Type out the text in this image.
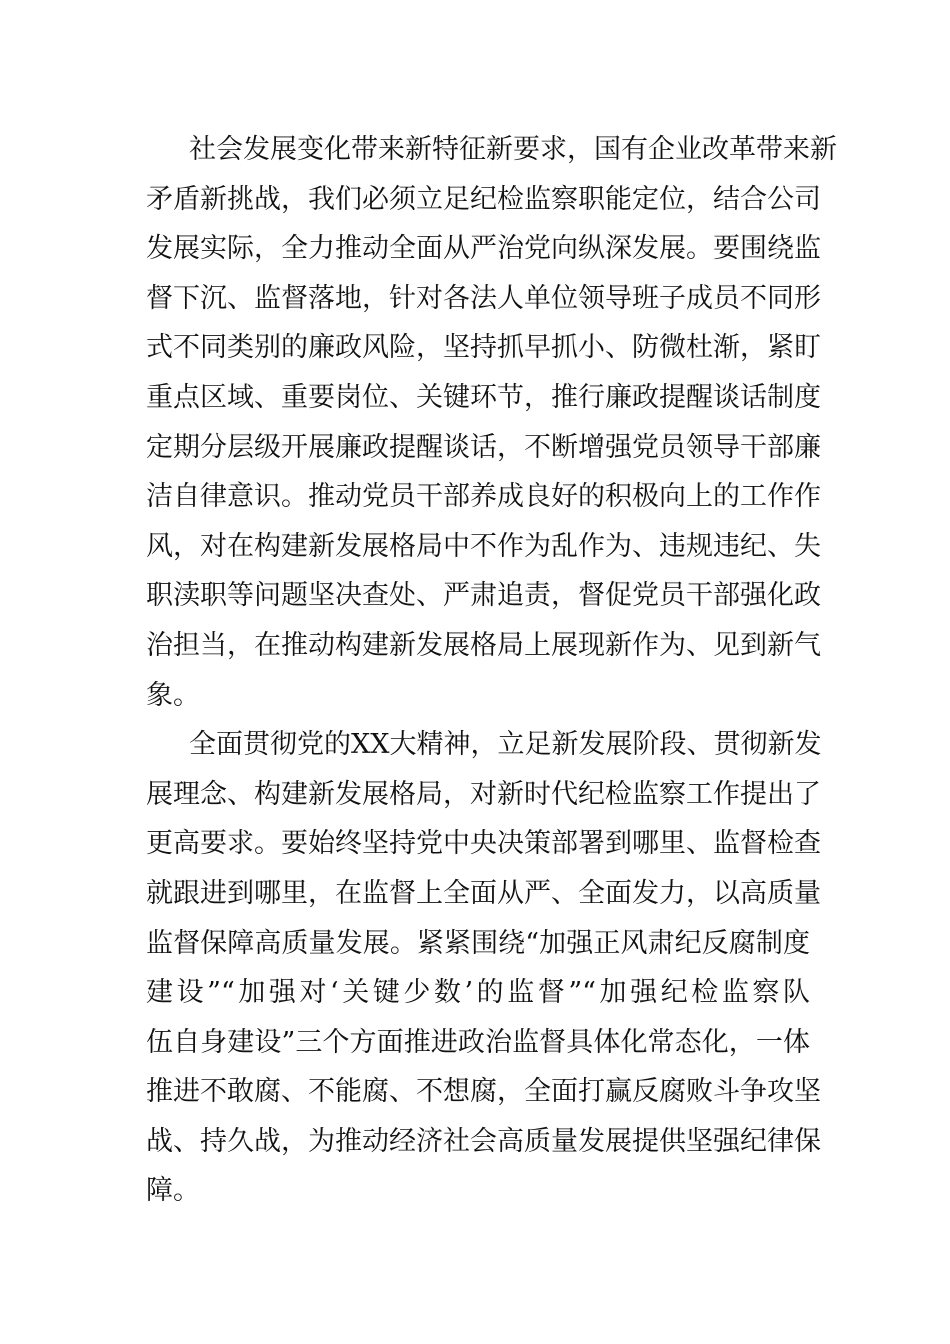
社会发展变化带来新特征新要求，国有企业改革带来新
矛盾新挑战，我们必须立足纪检监察职能定位，结合公司
发展实际，全力推动全面从严治党向纵深发展。要围绕监
督下沉、监督落地，针对各法人单位领导班子成员不同形
式不同类别的廉政风险，坚持抓早抓小、防微杜渐，紧盯
重点区域、重要岗位、关键环节，推行廉政提醒谈话制度
定期分层级开展廉政提醒谈话，不断增强党员领导干部廉
洁自律意识。推动党员干部养成良好的积极向上的工作作
风，对在构建新发展格局中不作为乱作为、违规违纪、失
职渎职等问题坚决查处、严肃追责，督促党员干部强化政
治担当，在推动构建新发展格局上展现新作为、见到新气
象。
全面贯彻党的XX大精神，立足新发展阶段、贯彻新发
展理念、构建新发展格局，对新时代纪检监察工作提出了
更高要求。要始终坚持党中央决策部署到哪里、监督检查
就跟进到哪里，在监督上全面从严、全面发力，以高质量
监督保障高质量发展。紧紧围绕“加强正风肃纪反腐制度
建设”“加强对‘关键少数’的监督”“加强纪检监察队
伍自身建设”三个方面推进政治监督具体化常态化，一体
推进不敢腐、不能腐、不想腐，全面打赢反腐败斗争攻坚
战、持久战，为推动经济社会高质量发展提供坚强纪律保
障。
